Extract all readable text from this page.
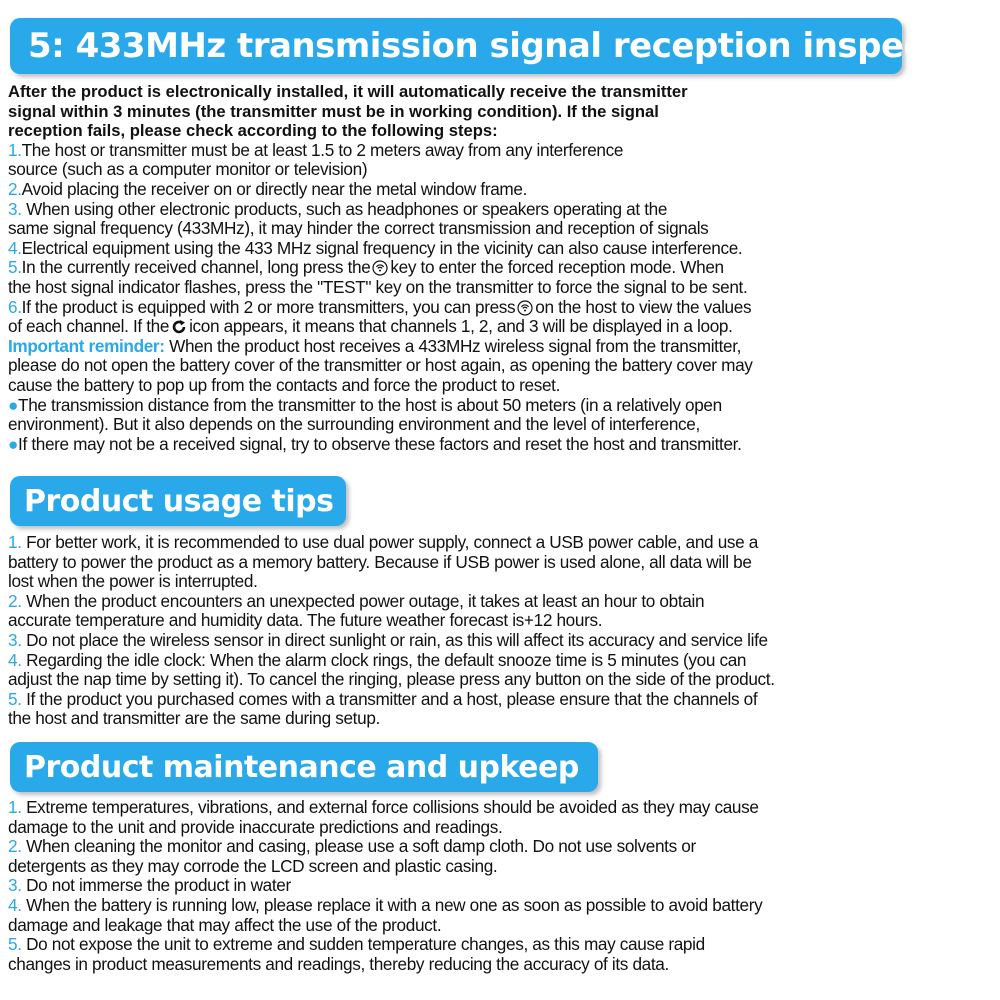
5: 433MHz transmission signal reception inspection
After the product is electronically installed, it will automatically receive the transmitter
signal within 3 minutes (the transmitter must be in working condition). If the signal
reception fails, please check according to the following steps:
1.The host or transmitter must be at least 1.5 to 2 meters away from any interference
source (such as a computer monitor or television)
2.Avoid placing the receiver on or directly near the metal window frame.
3. When using other electronic products, such as headphones or speakers operating at the
same signal frequency (433MHz), it may hinder the correct transmission and reception of signals
4.Electrical equipment using the 433 MHz signal frequency in the vicinity can also cause interference.
5.In the currently received channel, long press the key to enter the forced reception mode. When
the host signal indicator flashes, press the "TEST" key on the transmitter to force the signal to be sent.
6.If the product is equipped with 2 or more transmitters, you can press on the host to view the values
of each channel. If the icon appears, it means that channels 1, 2, and 3 will be displayed in a loop.
Important reminder: When the product host receives a 433MHz wireless signal from the transmitter,
please do not open the battery cover of the transmitter or host again, as opening the battery cover may
cause the battery to pop up from the contacts and force the product to reset.
●The transmission distance from the transmitter to the host is about 50 meters (in a relatively open
environment). But it also depends on the surrounding environment and the level of interference,
●If there may not be a received signal, try to observe these factors and reset the host and transmitter.
Product usage tips
1. For better work, it is recommended to use dual power supply, connect a USB power cable, and use a
battery to power the product as a memory battery. Because if USB power is used alone, all data will be
lost when the power is interrupted.
2. When the product encounters an unexpected power outage, it takes at least an hour to obtain
accurate temperature and humidity data. The future weather forecast is+12 hours.
3. Do not place the wireless sensor in direct sunlight or rain, as this will affect its accuracy and service life
4. Regarding the idle clock: When the alarm clock rings, the default snooze time is 5 minutes (you can
adjust the nap time by setting it). To cancel the ringing, please press any button on the side of the product.
5. If the product you purchased comes with a transmitter and a host, please ensure that the channels of
the host and transmitter are the same during setup.
Product maintenance and upkeep
1. Extreme temperatures, vibrations, and external force collisions should be avoided as they may cause
damage to the unit and provide inaccurate predictions and readings.
2. When cleaning the monitor and casing, please use a soft damp cloth. Do not use solvents or
detergents as they may corrode the LCD screen and plastic casing.
3. Do not immerse the product in water
4. When the battery is running low, please replace it with a new one as soon as possible to avoid battery
damage and leakage that may affect the use of the product.
5. Do not expose the unit to extreme and sudden temperature changes, as this may cause rapid
changes in product measurements and readings, thereby reducing the accuracy of its data.
